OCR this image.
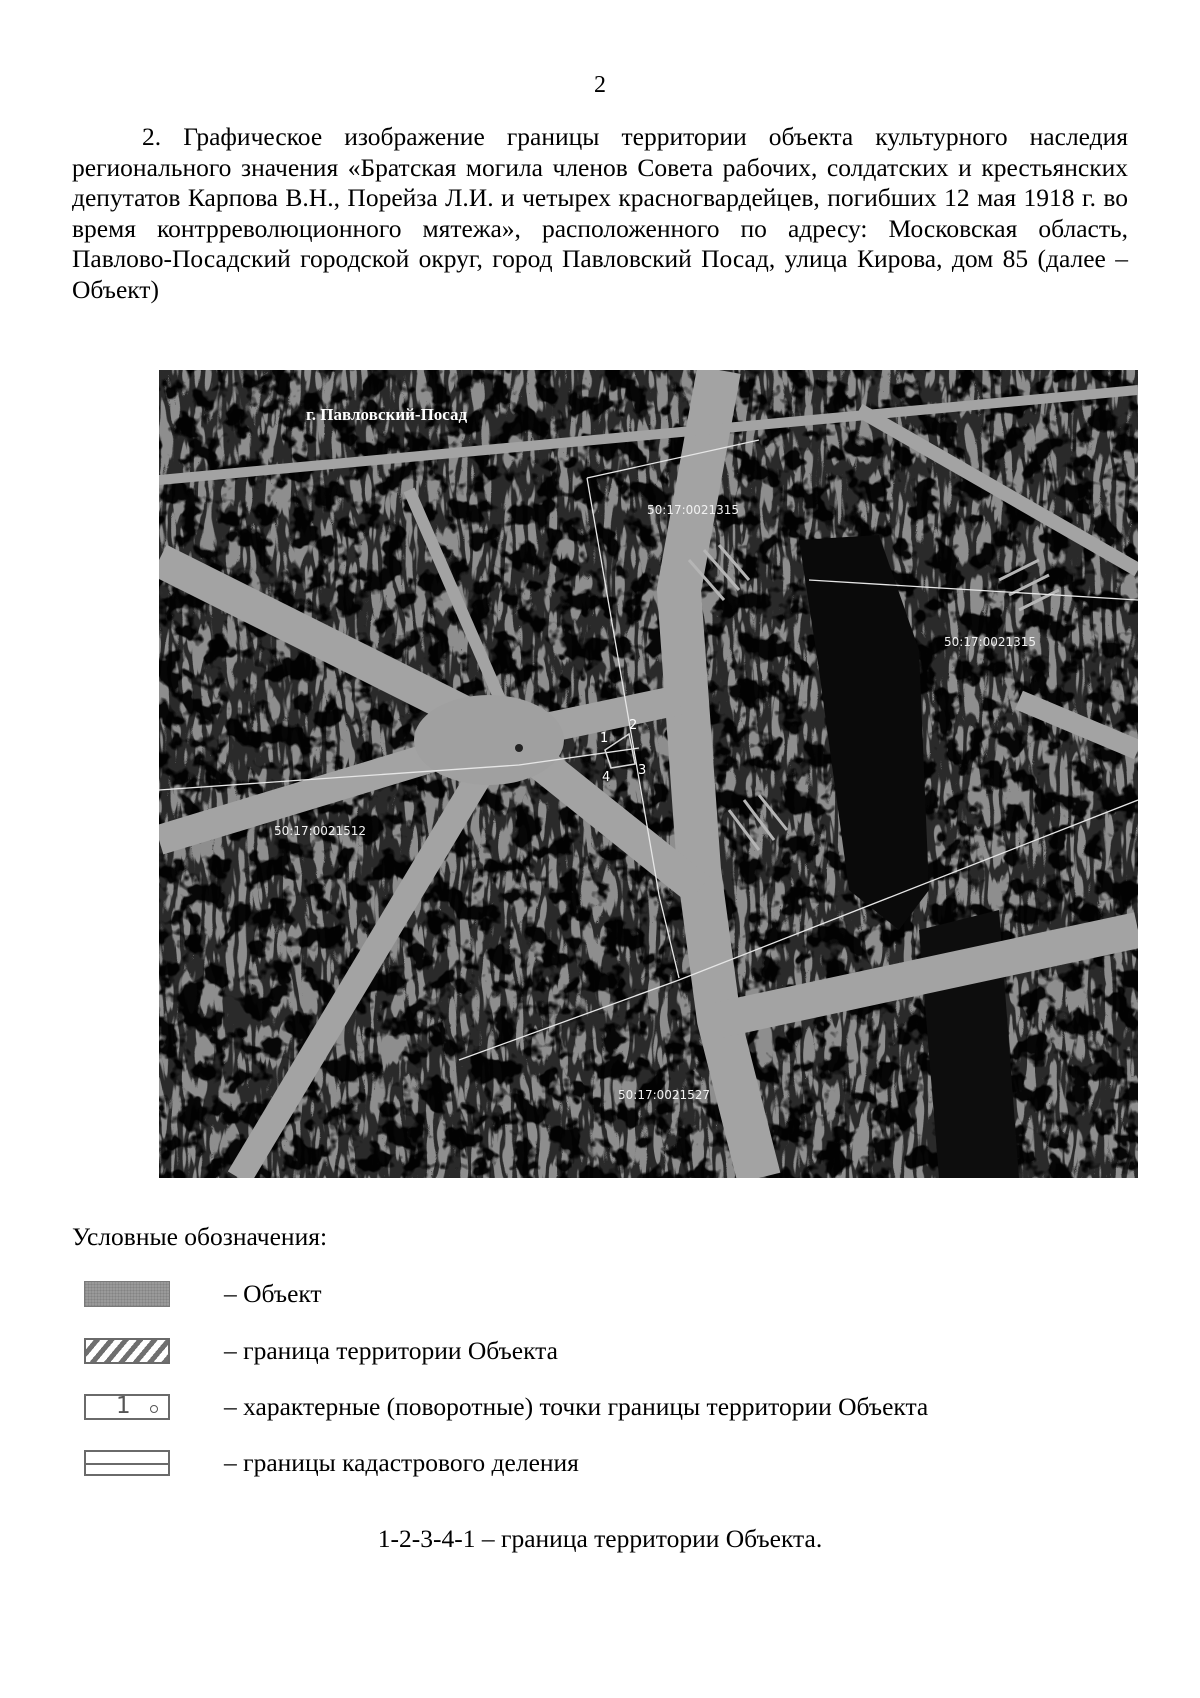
2

2. Графическое изображение границы территории объекта культурного наследия регионального значения «Братская могила членов Совета рабочих, солдатских и крестьянских депутатов Карпова В.Н., Порейза Л.И. и четырех красногвардейцев, погибших 12 мая 1918 г. во время контрреволюционного мятежа», расположенного по адресу: Московская область, Павлово-Посадский городской округ, город Павловский Посад, улица Кирова, дом 85 (далее – Объект)

г. Павловский-Посад
50:17:0021315
50:17:0021315
50:17:0021512
50:17:0021527
1
2
3
4
Условные обозначения:
– Объект
– граница территории Объекта
1	– характерные (поворотные) точки границы территории Объекта
– границы кадастрового деления

1-2-3-4-1 – граница территории Объекта.
